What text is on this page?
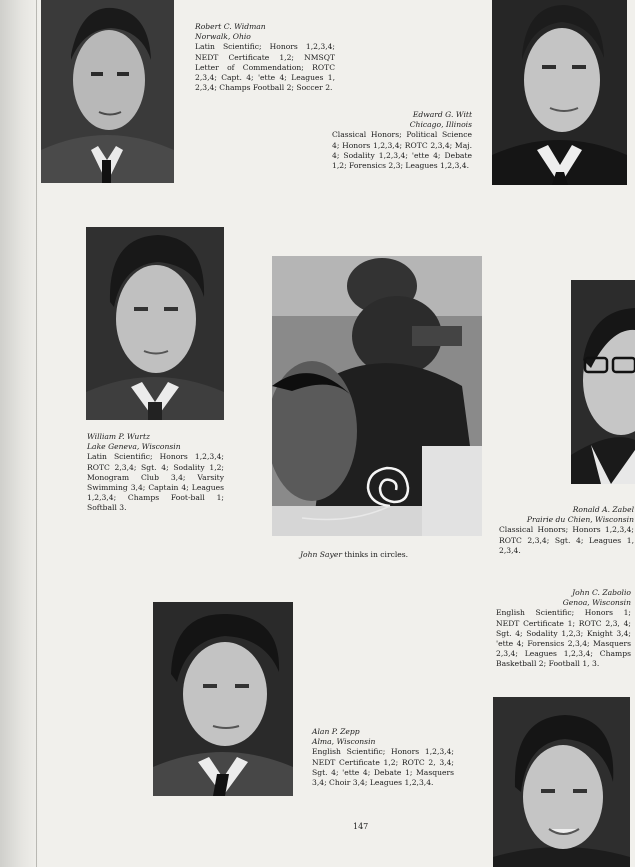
Robert C. Widman
Norwalk, Ohio
Latin Scientific; Honors 1,2,3,4; NEDT Certificate 1,2; NMSQT Letter of Commendation; ROTC 2,3,4; Capt. 4; 'ette 4; Leagues 1, 2,3,4; Champs Football 2; Soccer 2.
Edward G. Witt
Chicago, Illinois
Classical Honors; Political Science 4; Honors 1,2,3,4; ROTC 2,3,4; Maj. 4; Sodality 1,2,3,4; 'ette 4; Debate 1,2; Forensics 2,3; Leagues 1,2,3,4.
William P. Wurtz
Lake Geneva, Wisconsin
Latin Scientific; Honors 1,2,3,4; ROTC 2,3,4; Sgt. 4; Sodality 1,2; Monogram Club 3,4; Varsity Swimming 3,4; Captain 4; Leagues 1,2,3,4; Champs Foot-ball 1; Softball 3.
John Sayer thinks in circles.
Ronald A. Zabel
Prairie du Chien, Wisconsin
Classical Honors; Honors 1,2,3,4; ROTC 2,3,4; Sgt. 4; Leagues 1, 2,3,4.
John C. Zabolio
Genoa, Wisconsin
English Scientific; Honors 1; NEDT Certificate 1; ROTC 2,3, 4; Sgt. 4; Sodality 1,2,3; Knight 3,4; 'ette 4; Forensics 2,3,4; Masquers 2,3,4; Leagues 1,2,3,4; Champs Basketball 2; Football 1, 3.
Alan P. Zepp
Alma, Wisconsin
English Scientific; Honors 1,2,3,4; NEDT Certificate 1,2; ROTC 2, 3,4; Sgt. 4; 'ette 4; Debate 1; Masquers 3,4; Choir 3,4; Leagues 1,2,3,4.
147
